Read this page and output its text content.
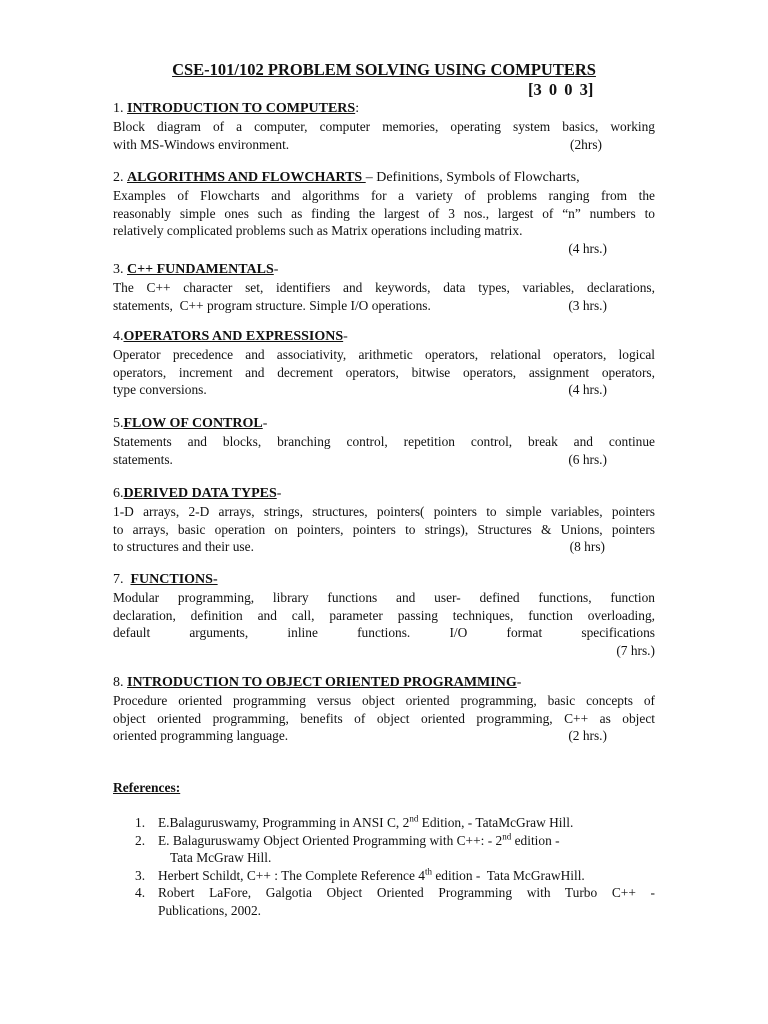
CSE-101/102 PROBLEM SOLVING USING COMPUTERS
[3 0 0 3]
1. INTRODUCTION TO COMPUTERS:

Block diagram of a computer, computer memories, operating system basics, working

with MS-Windows environment.	(2hrs)
2. ALGORITHMS AND FLOWCHARTS – Definitions, Symbols of Flowcharts,

Examples of Flowcharts and algorithms for a variety of problems ranging from the

reasonably simple ones such as finding the largest of 3 nos., largest of “n” numbers to

relatively complicated problems such as Matrix operations including matrix.
(4 hrs.)
3. C++ FUNDAMENTALS-

The C++ character set, identifiers and keywords, data types, variables, declarations,

statements,  C++ program structure. Simple I/O operations.	(3 hrs.)
4.OPERATORS AND EXPRESSIONS-

Operator precedence and associativity, arithmetic operators, relational operators, logical

operators, increment and decrement operators, bitwise operators, assignment operators,

type conversions.	(4 hrs.)
5.FLOW OF CONTROL-

Statements and blocks, branching control, repetition control, break and continue

statements.	(6 hrs.)
6.DERIVED DATA TYPES-

1-D arrays, 2-D arrays, strings, structures, pointers( pointers to simple variables, pointers

to arrays, basic operation on pointers, pointers to strings), Structures & Unions, pointers

to structures and their use.	(8 hrs)
7.  FUNCTIONS-

Modular programming, library functions and user- defined functions, function

declaration, definition and call, parameter passing techniques, function overloading,

default arguments, inline functions. I/O format specifications

(7 hrs.)
8. INTRODUCTION TO OBJECT ORIENTED PROGRAMMING-

Procedure oriented programming versus object oriented programming, basic concepts of

object oriented programming, benefits of object oriented programming, C++ as object

oriented programming language.	(2 hrs.)
References:
1. E.Balaguruswamy, Programming in ANSI C, 2nd Edition, - TataMcGraw Hill.
2. E. Balaguruswamy Object Oriented Programming with C++: - 2nd edition -
Tata McGraw Hill.
3. Herbert Schildt, C++ : The Complete Reference 4th edition -  Tata McGrawHill.
4. Robert LaFore, Galgotia Object Oriented Programming with Turbo C++ -
Publications, 2002.
